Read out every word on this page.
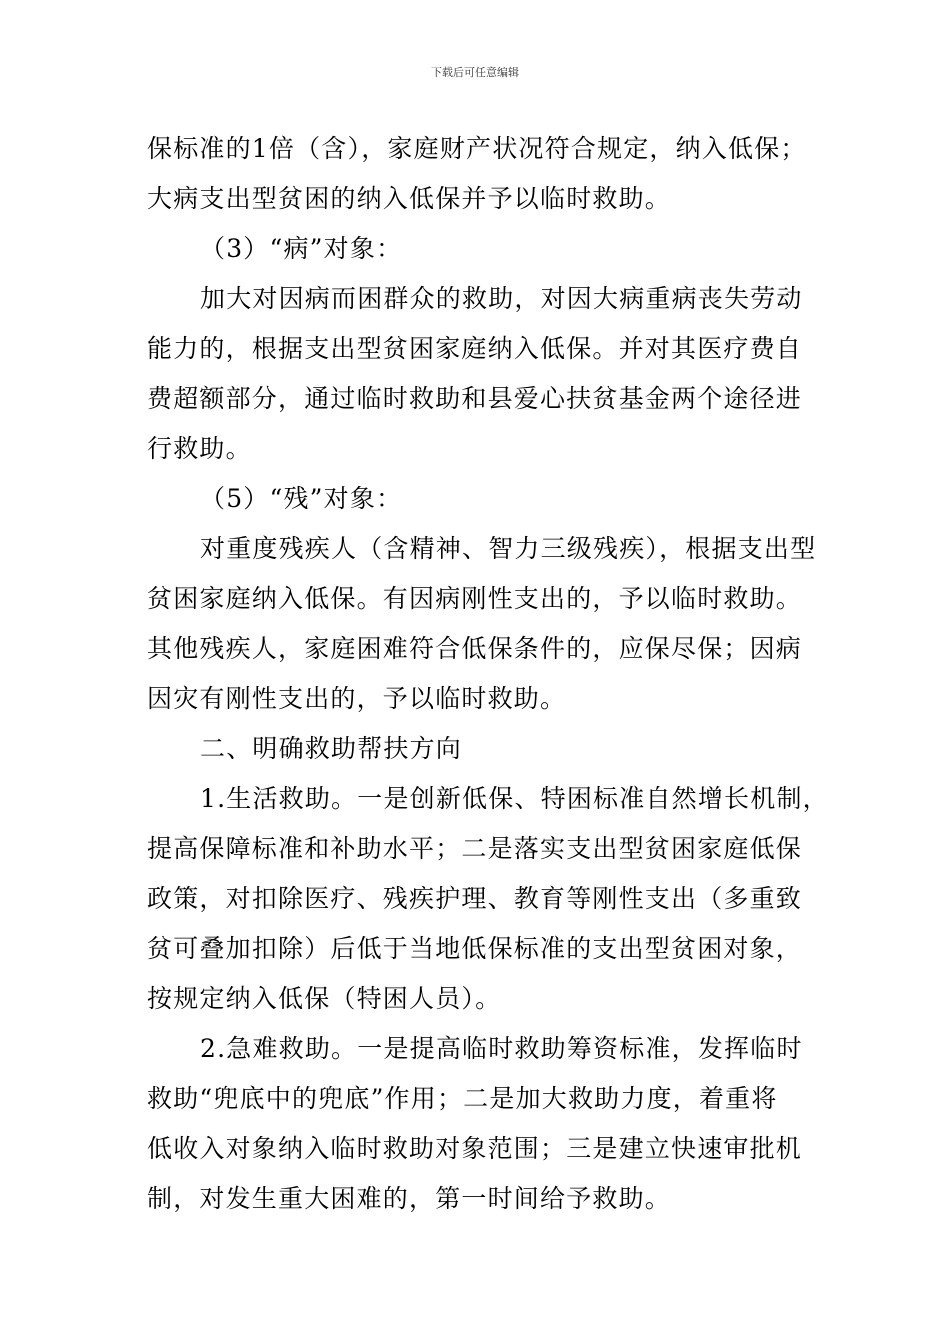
下载后可任意编辑

保标准的1倍（含），家庭财产状况符合规定，纳入低保；

大病支出型贫困的纳入低保并予以临时救助。

（3）“病”对象：

加大对因病而困群众的救助，对因大病重病丧失劳动

能力的，根据支出型贫困家庭纳入低保。并对其医疗费自

费超额部分，通过临时救助和县爱心扶贫基金两个途径进

行救助。

（5）“残”对象：

对重度残疾人（含精神、智力三级残疾），根据支出型

贫困家庭纳入低保。有因病刚性支出的，予以临时救助。

其他残疾人，家庭困难符合低保条件的，应保尽保；因病

因灾有刚性支出的，予以临时救助。

二、明确救助帮扶方向

1.生活救助。一是创新低保、特困标准自然增长机制，

提高保障标准和补助水平；二是落实支出型贫困家庭低保

政策，对扣除医疗、残疾护理、教育等刚性支出（多重致

贫可叠加扣除）后低于当地低保标准的支出型贫困对象，

按规定纳入低保（特困人员）。

2.急难救助。一是提高临时救助筹资标准，发挥临时

救助“兜底中的兜底”作用；二是加大救助力度，着重将

低收入对象纳入临时救助对象范围；三是建立快速审批机

制，对发生重大困难的，第一时间给予救助。
